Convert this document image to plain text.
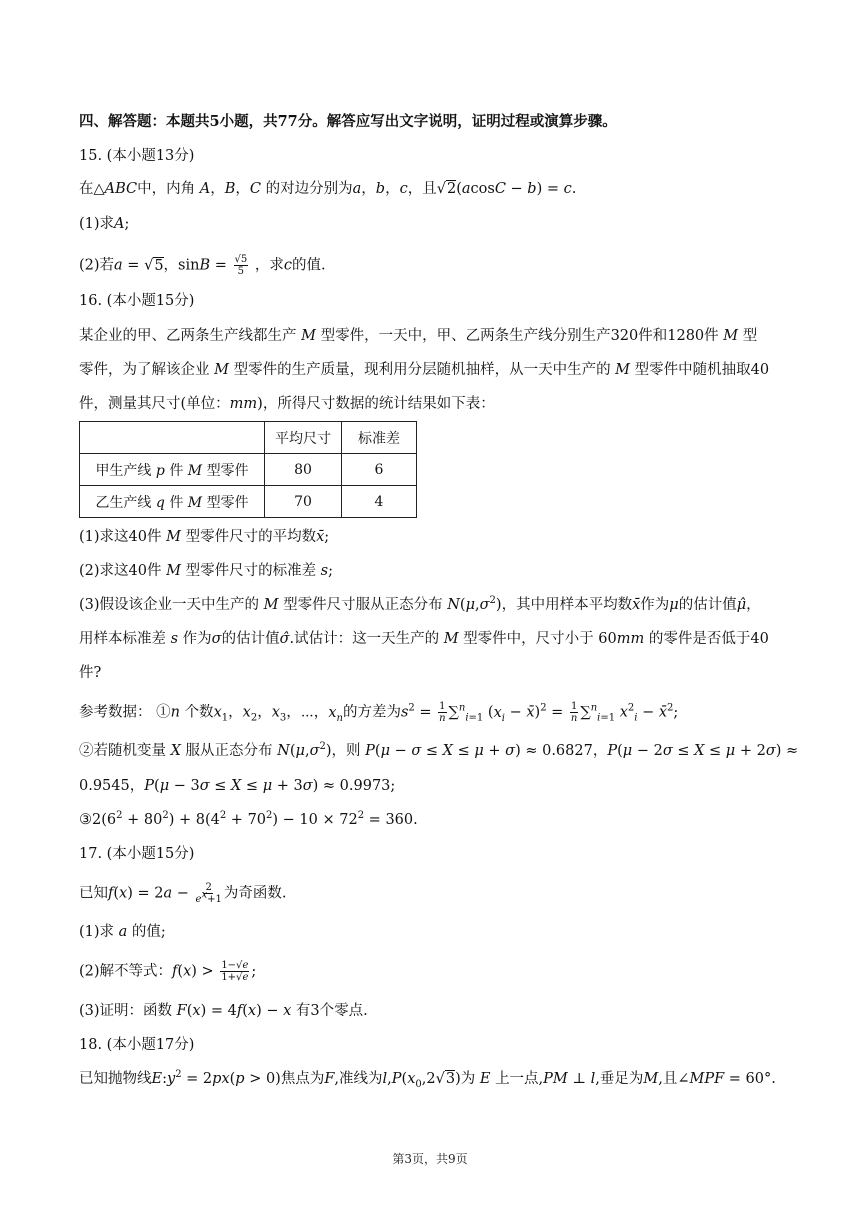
四、解答题：本题共5小题，共77分。解答应写出文字说明，证明过程或演算步骤。
15. (本小题13分)
在△ABC中，内角 A，B，C 的对边分别为a，b，c，且√2(acosC − b) = c.
(1)求A;
(2)若a = √5，$\sin B = \frac{√5}{5}$ ，求c的值.
16. (本小题15分)
某企业的甲、乙两条生产线都生产 M 型零件，一天中，甲、乙两条生产线分别生产320件和1280件 M 型
零件，为了解该企业 M 型零件的生产质量，现利用分层随机抽样，从一天中生产的 M 型零件中随机抽取40
件，测量其尺寸(单位：mm)，所得尺寸数据的统计结果如下表：
	平均尺寸	标准差
甲生产线 p 件 M 型零件	80	6
乙生产线 q 件 M 型零件	70	4
(1)求这40件 M 型零件尺寸的平均数x̄;
(2)求这40件 M 型零件尺寸的标准差 s;
(3)假设该企业一天中生产的 M 型零件尺寸服从正态分布 $N(\mu,\sigma^2)$，其中用样本平均数x̄作为μ的估计值μ̂，
用样本标准差 s 作为σ的估计值σ̂.试估计：这一天生产的 M 型零件中，尺寸小于 60mm 的零件是否低于40
件?
参考数据： ①n 个数$x_1$，$x_2$，$x_3$，⋯，$x_n$的方差为$s^2 = \frac{1}{n} \sum^n_{i=1}$ ($x_i$ − x̄)$^2$ = $\frac{1}{n} \sum^n_{i=1}$ $x^2_i$ − x̄$^2$;
②若随机变量 X 服从正态分布 $N(\mu,\sigma^2)$，则 P(μ − σ ≤ X ≤ μ + σ) ≈ 0.6827，P(μ − 2σ ≤ X ≤ μ + 2σ) ≈
0.9545，P(μ − 3σ ≤ X ≤ μ + 3σ) ≈ 0.9973;
$③2(6^2 + 80^2) + 8(4^2 + 70^2) - 10 \times 72^2 = 360$.
17. (本小题15分)
已知$f(x) = 2a - \frac{2}{e^x+1}$ 为奇函数.
(1)求 a 的值;
(2)解不等式：$f(x) > \frac{1-√e}{1+√e}$ ;
(3)证明：函数 F(x) = 4f(x) − x 有3个零点.
18. (本小题17分)
已知抛物线$E:y^2 = 2px(p > 0)$焦点为F,准线为$l,P(x_0,2√3)$为 E 上一点,PM ⊥ l,垂足为M,且∠MPF = 60°.
第3页，共9页
